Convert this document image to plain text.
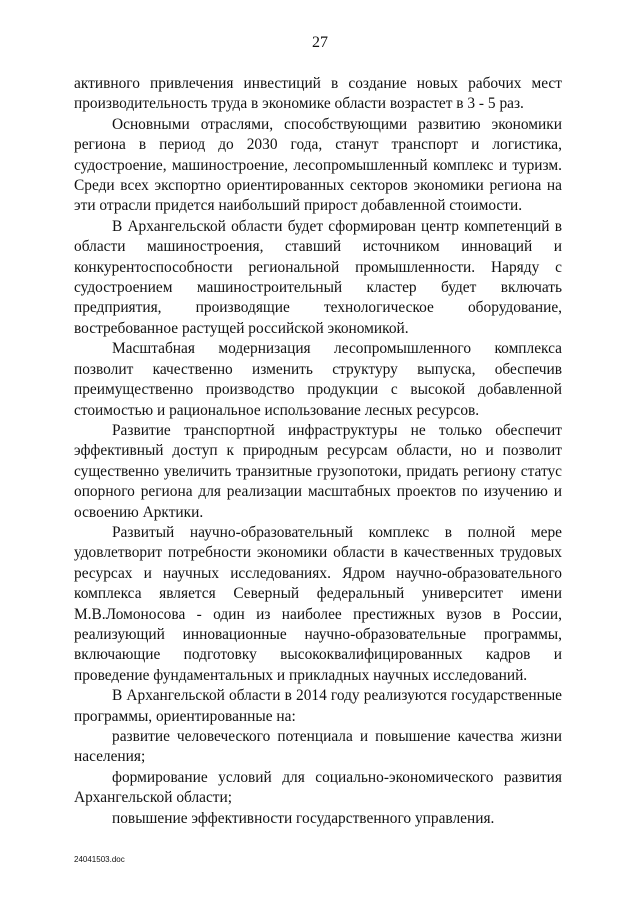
27

активного привлечения инвестиций в создание новых рабочих мест производительность труда в экономике области возрастет в 3 - 5 раз.

Основными отраслями, способствующими развитию экономики региона в период до 2030 года, станут транспорт и логистика, судостроение, машиностроение, лесопромышленный комплекс и туризм. Среди всех экспортно ориентированных секторов экономики региона на эти отрасли придется наибольший прирост добавленной стоимости.

В Архангельской области будет сформирован центр компетенций в области машиностроения, ставший источником инноваций и конкурентоспособности региональной промышленности. Наряду с судостроением машиностроительный кластер будет включать предприятия, производящие технологическое оборудование, востребованное растущей российской экономикой.

Масштабная модернизация лесопромышленного комплекса позволит качественно изменить структуру выпуска, обеспечив преимущественно производство продукции с высокой добавленной стоимостью и рациональное использование лесных ресурсов.

Развитие транспортной инфраструктуры не только обеспечит эффективный доступ к природным ресурсам области, но и позволит существенно увеличить транзитные грузопотоки, придать региону статус опорного региона для реализации масштабных проектов по изучению и освоению Арктики.

Развитый научно-образовательный комплекс в полной мере удовлетворит потребности экономики области в качественных трудовых ресурсах и научных исследованиях. Ядром научно-образовательного комплекса является Северный федеральный университет имени М.В.Ломоносова - один из наиболее престижных вузов в России, реализующий инновационные научно-образовательные программы, включающие подготовку высококвалифицированных кадров и проведение фундаментальных и прикладных научных исследований.

В Архангельской области в 2014 году реализуются государственные программы, ориентированные на:

развитие человеческого потенциала и повышение качества жизни населения;

формирование условий для социально-экономического развития Архангельской области;

повышение эффективности государственного управления.

24041503.doc
